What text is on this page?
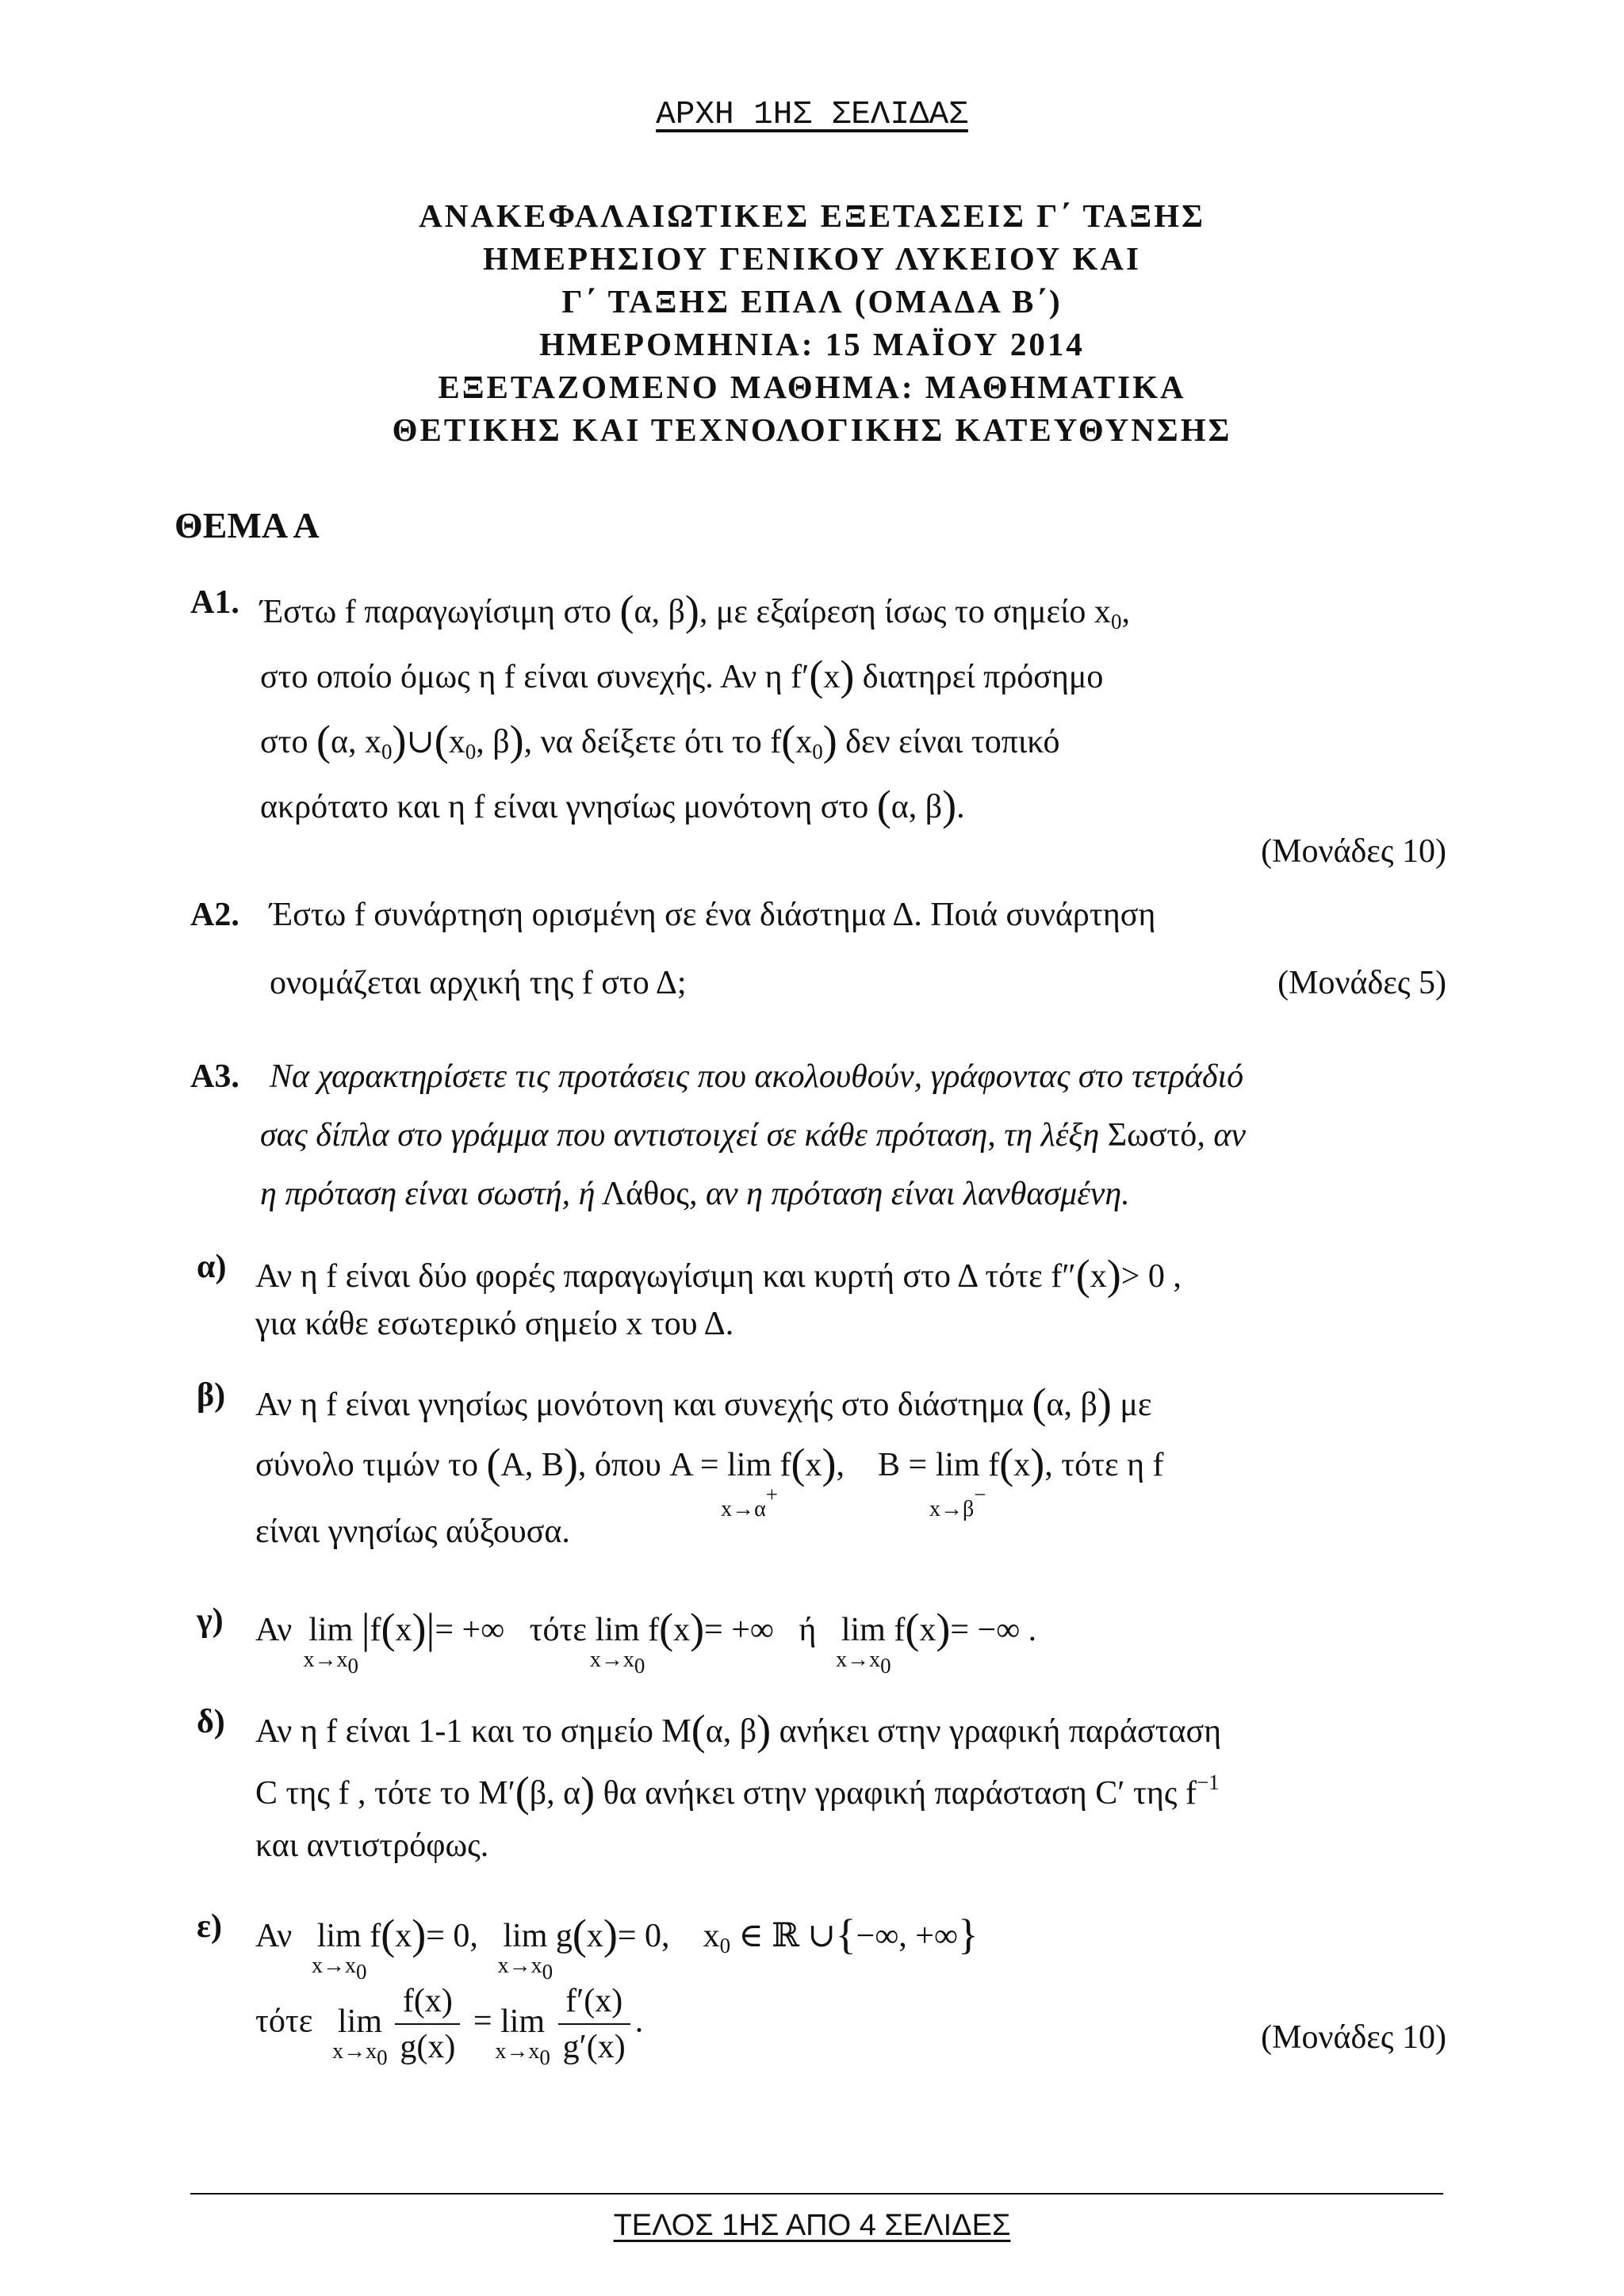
ΑΡΧΗ 1ΗΣ ΣΕΛΙΔΑΣ
ΑΝΑΚΕΦΑΛΑΙΩΤΙΚΕΣ ΕΞΕΤΑΣΕΙΣ Γ΄ ΤΑΞΗΣ
ΗΜΕΡΗΣΙΟΥ ΓΕΝΙΚΟΥ ΛΥΚΕΙΟΥ ΚΑΙ
Γ΄ ΤΑΞΗΣ ΕΠΑΛ (ΟΜΑΔΑ Β΄)
ΗΜΕΡΟΜΗΝΙΑ: 15 ΜΑΪΟΥ 2014
ΕΞΕΤΑΖΟΜΕΝΟ ΜΑΘΗΜΑ: ΜΑΘΗΜΑΤΙΚΑ
ΘΕΤΙΚΗΣ ΚΑΙ ΤΕΧΝΟΛΟΓΙΚΗΣ ΚΑΤΕΥΘΥΝΣΗΣ
ΘΕΜΑ Α
Α1. Έστω f παραγωγίσιμη στο (α, β), με εξαίρεση ίσως το σημείο $x_0$,
στο οποίο όμως η f είναι συνεχής. Αν η f′(x) διατηρεί πρόσημο
στο (α, $x_0)\cup(x_0$, β), να δείξετε ότι το $f(x_0)$ δεν είναι τοπικό
ακρότατο και η f είναι γνησίως μονότονη στο (α, β).
(Μονάδες 10)
Α2. Έστω f συνάρτηση ορισμένη σε ένα διάστημα Δ. Ποιά συνάρτηση
ονομάζεται αρχική της f στο Δ;	(Μονάδες 5)
Α3. Να χαρακτηρίσετε τις προτάσεις που ακολουθούν, γράφοντας στο τετράδιό
σας δίπλα στο γράμμα που αντιστοιχεί σε κάθε πρόταση, τη λέξη Σωστό, αν
η πρόταση είναι σωστή, ή Λάθος, αν η πρόταση είναι λανθασμένη.
α) Αν η f είναι δύο φορές παραγωγίσιμη και κυρτή στο Δ τότε f″(x)> 0 ,
για κάθε εσωτερικό σημείο x του Δ.
β) Αν η f είναι γνησίως μονότονη και συνεχής στο διάστημα (α, β) με
σύνολο τιμών το (A, B), όπου A = lim
x→α+
f(x), B = lim
x→β−
f(x), τότε η f
είναι γνησίως αύξουσα.
γ) Αν lim
$x\to x_0$
|f(x)|= +∞ τότε lim
$x\to x_0$
f(x)= +∞ ή lim
$x\to x_0$
f(x)= −∞ .
δ) Αν η f είναι 1-1 και το σημείο M(α, β) ανήκει στην γραφική παράσταση
C της f , τότε το M′(β, α) θα ανήκει στην γραφική παράσταση C′ της $f^{-1}$
και αντιστρόφως.
ε) Αν lim
$x\to x_0$
f(x)= 0, lim
$x\to x_0$
g(x)= 0, $x_0$ ∈ ℝ ∪{−∞, +∞}
τότε lim
$x\to x_0$
$\frac{f(x)}{g(x)} = \lim$
$x\to x_0$
$\frac{f'(x)}{g'(x)}$ .	(Μονάδες 10)
ΤΕΛΟΣ 1ΗΣ ΑΠΟ 4 ΣΕΛΙΔΕΣ
